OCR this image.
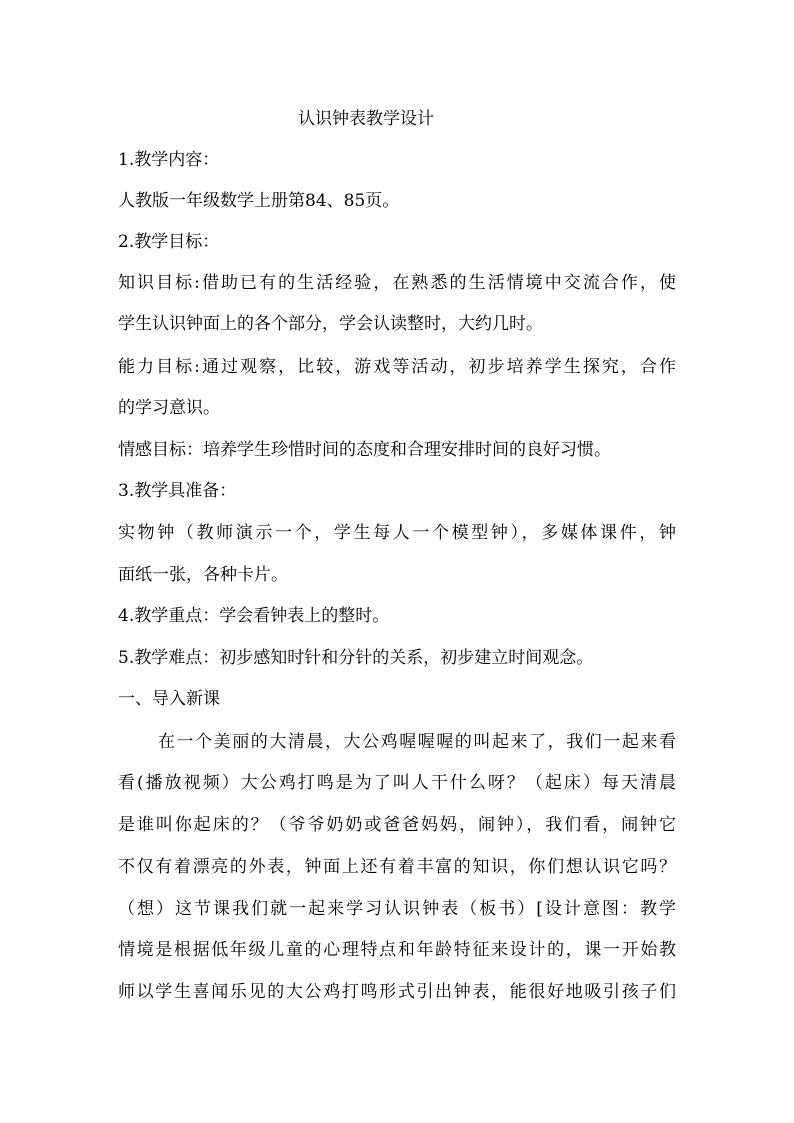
认识钟表教学设计
1.教学内容：
人教版一年级数学上册第84、85页。
2.教学目标：
知识目标:借助已有的生活经验，在熟悉的生活情境中交流合作，使
学生认识钟面上的各个部分，学会认读整时，大约几时。
能力目标:通过观察，比较，游戏等活动，初步培养学生探究，合作
的学习意识。
情感目标：培养学生珍惜时间的态度和合理安排时间的良好习惯。
3.教学具准备：
实物钟（教师演示一个，学生每人一个模型钟），多媒体课件，钟
面纸一张，各种卡片。
4.教学重点：学会看钟表上的整时。
5.教学难点：初步感知时针和分针的关系，初步建立时间观念。
一、导入新课
在一个美丽的大清晨，大公鸡喔喔喔的叫起来了，我们一起来看
看(播放视频）大公鸡打鸣是为了叫人干什么呀？（起床）每天清晨
是谁叫你起床的？（爷爷奶奶或爸爸妈妈，闹钟），我们看，闹钟它
不仅有着漂亮的外表，钟面上还有着丰富的知识，你们想认识它吗？
（想）这节课我们就一起来学习认识钟表（板书）[设计意图：教学
情境是根据低年级儿童的心理特点和年龄特征来设计的，课一开始教
师以学生喜闻乐见的大公鸡打鸣形式引出钟表，能很好地吸引孩子们
